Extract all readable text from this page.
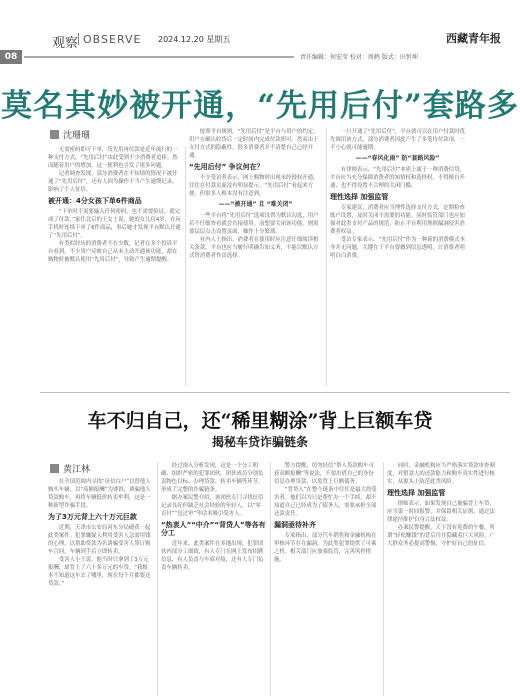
观察 OBSERVE 2024.12.20 星期五	西藏青年报
08	责任编辑：何宏莹 校对：周鹤 版式：田恒坤
莫名其妙被开通，“先用后付”套路多
沈珊珊

无需密码即可下单，货先用再付款是近年流行的一种支付方式，“先用后付”由此受到不少消费者追捧。然而随着用户的增加，这一便利也引发了诸多问题。

记者调查发现，部分消费者在不知情的情况下被开通了“先用后付”，还有人因为操作不当产生逾期记录，影响了个人征信。

被开通：4分女孩下单6件商品

“下单时不需要输入任何密码，也不需要验证，就完成了付款。”家住北京的王女士说，她的女儿仅4岁，在玩手机时连续下单了6件商品，事后她才发现平台默认开通了“先用后付”。

有类似经历的消费者不在少数。记者在多个投诉平台看到，不少用户反映自己从未主动开通该功能，却在购物时被默认使用“先用后付”，导致产生逾期提醒。

按照平台规则，“先用后付”是平台与用户的约定，用户在确认收货后一定时间内完成付款即可。然而由于支付方式的隐蔽性，很多消费者并不清楚自己已经开通。

“先用后付” 争议何在？

不少受访者表示，网上购物时出现未经授权开通，往往在付款页面没有明显提示。“先用后付”看起来方便，但很多人根本没有注意到。

——“被开通” 且 “难关闭”

一些平台将“先用后付”选项设置为默认勾选，用户若不仔细查看就会直接使用。而想要关闭该功能，则需要层层点击设置页面，操作十分繁琐。

业内人士指出，消费者在使用时应注意仔细阅读相关条款，平台也应当履行明确告知义务，不能以默认方式替消费者作出选择。

一旦开通了“先用后付”，平台就可以在用户付款时优先调用该方式，部分消费者因此产生了多笔待付款项，一不小心就可能逾期。

——“春风化雨” 防“套路风险”

有律师表示，“先用后付”本质上属于一种消费信贷，平台应当充分保障消费者的知情权和选择权，不得擅自开通，也不得设置不合理的关闭门槛。

理性选择 加强监管

专家建议，消费者应当理性选择支付方式，定期检查账户设置，及时关闭不需要的功能。同时监管部门也应加强对此类支付产品的规范，防止平台利用规则漏洞侵害消费者权益。

受访专家表示，“先用后付”作为一种新的消费模式本身并无问题，关键在于平台要做到信息透明，让消费者明明白白消费。

车不归自己，还“稀里糊涂”背上巨额车贷
揭秘车贷诈骗链条
黄江林

在全国范围内寻找“征信白户”以替他人购买车辆，以“高额报酬”为诱饵，诱骗他人贷款购车，再将车辆低价转卖牟利，这是一种新型诈骗手段。

为了3万元背上六十万元巨款

近期，天津市公安局河东分局破获一起此类案件。犯罪嫌疑人利用受害人急需用钱的心理，以帮助贷款为名诱骗受害人签订购车合同，车辆到手后立即转卖。

受害人小王说，他当时只拿到了3万元报酬，却背上了六十多万元的车贷。“我根本不知道这车去了哪里，现在每个月都要还贷款。”

经过深入分析发现，这是一个分工明确、组织严密的犯罪团伙。团伙成员分别负责物色目标、办理贷款、转卖车辆等环节，形成了完整的诈骗链条。

据办案民警介绍，该团伙专门寻找征信记录良好但缺乏社会经验的年轻人，以“零首付”“包过审”等话术吸引受害人。

“热衷人”“中介”“背贷人”等各有分工

近年来，此类案件在多地出现。犯罪团伙内部分工细致，有人专门在网上发布招聘信息，有人负责与车商对接，还有人专门负责车辆转卖。

警方提醒，切勿轻信“帮人贷款购车可获高额报酬”等说法，不要出借自己的身份信息办理贷款，以免背上巨额债务。

“背贷人”在整个链条中往往是最大的受害者。他们以为只是帮忙办一个手续，却不知道自己已经成为了债务人，需要承担全部还款责任。

漏洞亟待补齐

专家指出，部分汽车销售和金融机构在审核环节存在漏洞，为此类犯罪提供了可乘之机。相关部门应加强监管，完善风控措施。

同时，金融机构应当严格落实贷款审查制度，对借款人的还款能力和购车真实性进行核实，从源头上防范此类风险。

理性选择 加强监管

律师表示，如果发现自己被骗背上车贷，应当第一时间报警，并保留相关证据，通过法律途径维护自身合法权益。

办案民警提醒，天下没有免费的午餐，所谓“轻松赚钱”的背后往往隐藏着巨大风险，广大群众务必提高警惕，守护好自己的征信。
